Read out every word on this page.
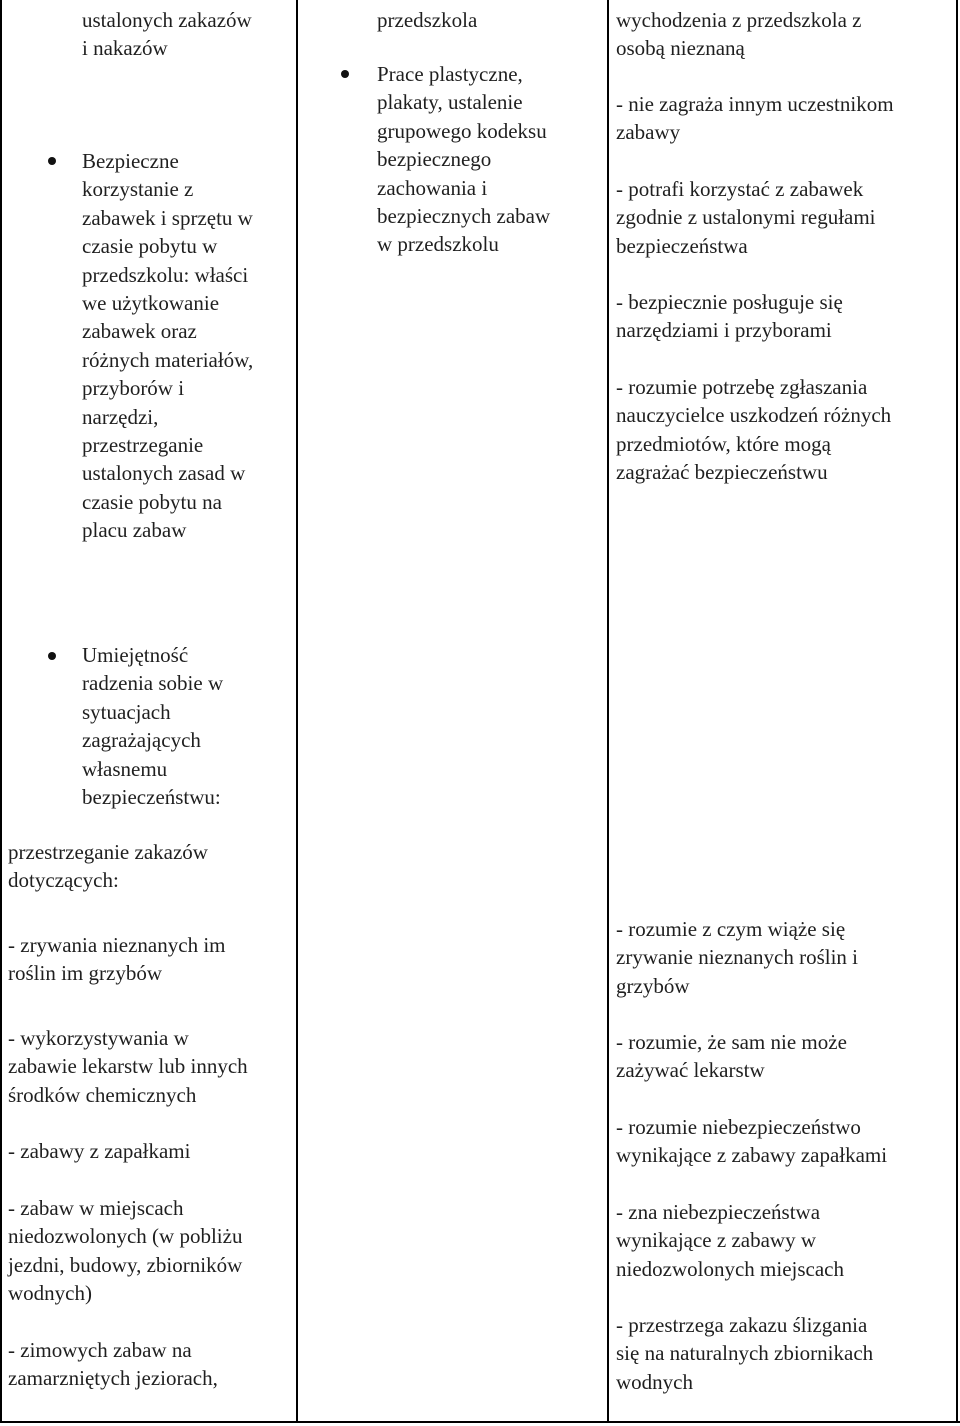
ustalonych zakazów
i nakazów
Bezpieczne
korzystanie z
zabawek i sprzętu w
czasie pobytu w
przedszkolu: właści
we użytkowanie
zabawek oraz
różnych materiałów,
przyborów i
narzędzi,
przestrzeganie
ustalonych zasad w
czasie pobytu na
placu zabaw
Umiejętność
radzenia sobie w
sytuacjach
zagrażających
własnemu
bezpieczeństwu:
przestrzeganie zakazów
dotyczących:
- zrywania nieznanych im
roślin im grzybów
- wykorzystywania w
zabawie lekarstw lub innych
środków chemicznych
- zabawy z zapałkami
- zabaw w miejscach
niedozwolonych (w pobliżu
jezdni, budowy, zbiorników
wodnych)
- zimowych zabaw na
zamarzniętych jeziorach,
przedszkola
Prace plastyczne,
plakaty, ustalenie
grupowego kodeksu
bezpiecznego
zachowania i
bezpiecznych zabaw
w przedszkolu
wychodzenia z przedszkola z
osobą nieznaną
- nie zagraża innym uczestnikom
zabawy
- potrafi korzystać z zabawek
zgodnie z ustalonymi regułami
bezpieczeństwa
- bezpiecznie posługuje się
narzędziami i przyborami
- rozumie potrzebę zgłaszania
nauczycielce uszkodzeń różnych
przedmiotów, które mogą
zagrażać bezpieczeństwu
- rozumie z czym wiąże się
zrywanie nieznanych roślin i
grzybów
- rozumie, że sam nie może
zażywać lekarstw
- rozumie niebezpieczeństwo
wynikające z zabawy zapałkami
- zna niebezpieczeństwa
wynikające z zabawy w
niedozwolonych miejscach
- przestrzega zakazu ślizgania
się na naturalnych zbiornikach
wodnych
